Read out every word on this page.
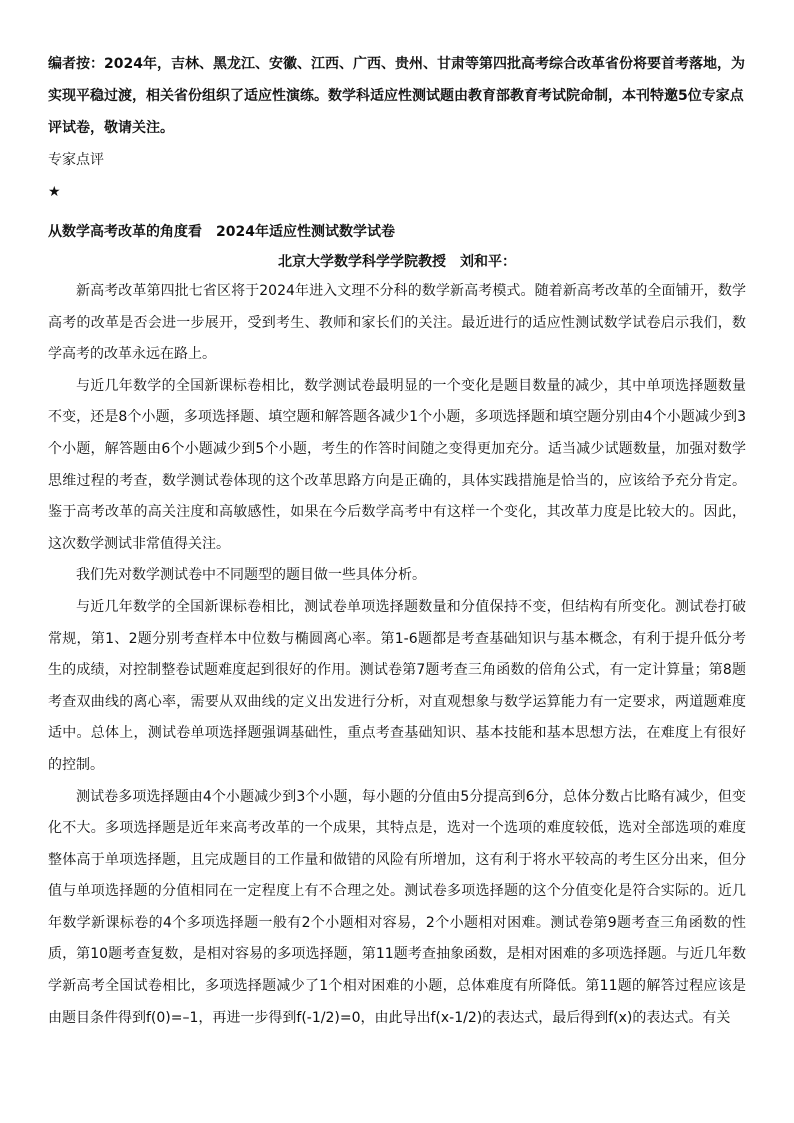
编者按：2024年，吉林、黑龙江、安徽、江西、广西、贵州、甘肃等第四批高考综合改革省份将要首考落地，为实现平稳过渡，相关省份组织了适应性演练。数学科适应性测试题由教育部教育考试院命制，本刊特邀5位专家点评试卷，敬请关注。

专家点评

★

从数学高考改革的角度看　2024年适应性测试数学试卷

北京大学数学科学学院教授　刘和平：

新高考改革第四批七省区将于2024年进入文理不分科的数学新高考模式。随着新高考改革的全面铺开，数学高考的改革是否会进一步展开，受到考生、教师和家长们的关注。最近进行的适应性测试数学试卷启示我们，数学高考的改革永远在路上。

与近几年数学的全国新课标卷相比，数学测试卷最明显的一个变化是题目数量的减少，其中单项选择题数量不变，还是8个小题，多项选择题、填空题和解答题各减少1个小题，多项选择题和填空题分别由4个小题减少到3个小题，解答题由6个小题减少到5个小题，考生的作答时间随之变得更加充分。适当减少试题数量，加强对数学思维过程的考查，数学测试卷体现的这个改革思路方向是正确的，具体实践措施是恰当的，应该给予充分肯定。鉴于高考改革的高关注度和高敏感性，如果在今后数学高考中有这样一个变化，其改革力度是比较大的。因此，这次数学测试非常值得关注。

我们先对数学测试卷中不同题型的题目做一些具体分析。

与近几年数学的全国新课标卷相比，测试卷单项选择题数量和分值保持不变，但结构有所变化。测试卷打破常规，第1、2题分别考查样本中位数与椭圆离心率。第1-6题都是考查基础知识与基本概念，有利于提升低分考生的成绩，对控制整卷试题难度起到很好的作用。测试卷第7题考查三角函数的倍角公式，有一定计算量；第8题考查双曲线的离心率，需要从双曲线的定义出发进行分析，对直观想象与数学运算能力有一定要求，两道题难度适中。总体上，测试卷单项选择题强调基础性，重点考查基础知识、基本技能和基本思想方法，在难度上有很好的控制。

测试卷多项选择题由4个小题减少到3个小题，每小题的分值由5分提高到6分，总体分数占比略有减少，但变化不大。多项选择题是近年来高考改革的一个成果，其特点是，选对一个选项的难度较低，选对全部选项的难度整体高于单项选择题，且完成题目的工作量和做错的风险有所增加，这有利于将水平较高的考生区分出来，但分值与单项选择题的分值相同在一定程度上有不合理之处。测试卷多项选择题的这个分值变化是符合实际的。近几年数学新课标卷的4个多项选择题一般有2个小题相对容易，2个小题相对困难。测试卷第9题考查三角函数的性质，第10题考查复数，是相对容易的多项选择题，第11题考查抽象函数，是相对困难的多项选择题。与近几年数学新高考全国试卷相比，多项选择题减少了1个相对困难的小题，总体难度有所降低。第11题的解答过程应该是由题目条件得到f(0)=–1，再进一步得到f(-1/2)=0，由此导出f(x-1/2)的表达式，最后得到f(x)的表达式。有关
